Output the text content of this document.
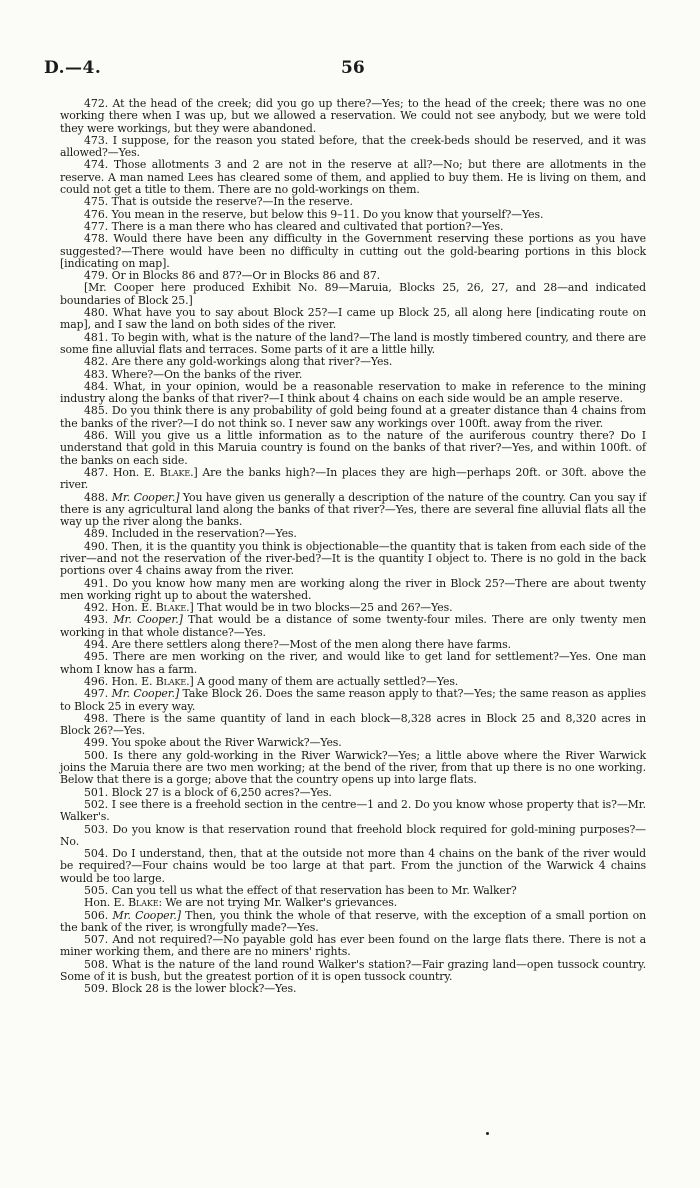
D.—4.	56

472. At the head of the creek; did you go up there?—Yes; to the head of the creek; there was no one working there when I was up, but we allowed a reservation. We could not see anybody, but we were told they were workings, but they were abandoned.

473. I suppose, for the reason you stated before, that the creek-beds should be reserved, and it was allowed?—Yes.

474. Those allotments 3 and 2 are not in the reserve at all?—No; but there are allotments in the reserve. A man named Lees has cleared some of them, and applied to buy them. He is living on them, and could not get a title to them. There are no gold-workings on them.

475. That is outside the reserve?—In the reserve.

476. You mean in the reserve, but below this 9–11. Do you know that yourself?—Yes.

477. There is a man there who has cleared and cultivated that portion?—Yes.

478. Would there have been any difficulty in the Government reserving these portions as you have suggested?—There would have been no difficulty in cutting out the gold-bearing portions in this block [indicating on map].

479. Or in Blocks 86 and 87?—Or in Blocks 86 and 87.

[Mr. Cooper here produced Exhibit No. 89—Maruia, Blocks 25, 26, 27, and 28—and indicated boundaries of Block 25.]

480. What have you to say about Block 25?—I came up Block 25, all along here [indicating route on map], and I saw the land on both sides of the river.

481. To begin with, what is the nature of the land?—The land is mostly timbered country, and there are some fine alluvial flats and terraces. Some parts of it are a little hilly.

482. Are there any gold-workings along that river?—Yes.

483. Where?—On the banks of the river.

484. What, in your opinion, would be a reasonable reservation to make in reference to the mining industry along the banks of that river?—I think about 4 chains on each side would be an ample reserve.

485. Do you think there is any probability of gold being found at a greater distance than 4 chains from the banks of the river?—I do not think so. I never saw any workings over 100ft. away from the river.

486. Will you give us a little information as to the nature of the auriferous country there? Do I understand that gold in this Maruia country is found on the banks of that river?—Yes, and within 100ft. of the banks on each side.

487. Hon. E. Blake.] Are the banks high?—In places they are high—perhaps 20ft. or 30ft. above the river.

488. Mr. Cooper.] You have given us generally a description of the nature of the country. Can you say if there is any agricultural land along the banks of that river?—Yes, there are several fine alluvial flats all the way up the river along the banks.

489. Included in the reservation?—Yes.

490. Then, it is the quantity you think is objectionable—the quantity that is taken from each side of the river—and not the reservation of the river-bed?—It is the quantity I object to. There is no gold in the back portions over 4 chains away from the river.

491. Do you know how many men are working along the river in Block 25?—There are about twenty men working right up to about the watershed.

492. Hon. E. Blake.] That would be in two blocks—25 and 26?—Yes.

493. Mr. Cooper.] That would be a distance of some twenty-four miles. There are only twenty men working in that whole distance?—Yes.

494. Are there settlers along there?—Most of the men along there have farms.

495. There are men working on the river, and would like to get land for settlement?—Yes. One man whom I know has a farm.

496. Hon. E. Blake.] A good many of them are actually settled?—Yes.

497. Mr. Cooper.] Take Block 26. Does the same reason apply to that?—Yes; the same reason as applies to Block 25 in every way.

498. There is the same quantity of land in each block—8,328 acres in Block 25 and 8,320 acres in Block 26?—Yes.

499. You spoke about the River Warwick?—Yes.

500. Is there any gold-working in the River Warwick?—Yes; a little above where the River Warwick joins the Maruia there are two men working; at the bend of the river, from that up there is no one working. Below that there is a gorge; above that the country opens up into large flats.

501. Block 27 is a block of 6,250 acres?—Yes.

502. I see there is a freehold section in the centre—1 and 2. Do you know whose property that is?—Mr. Walker's.

503. Do you know is that reservation round that freehold block required for gold-mining purposes?—No.

504. Do I understand, then, that at the outside not more than 4 chains on the bank of the river would be required?—Four chains would be too large at that part. From the junction of the Warwick 4 chains would be too large.

505. Can you tell us what the effect of that reservation has been to Mr. Walker?

Hon. E. Blake: We are not trying Mr. Walker's grievances.

506. Mr. Cooper.] Then, you think the whole of that reserve, with the exception of a small portion on the bank of the river, is wrongfully made?—Yes.

507. And not required?—No payable gold has ever been found on the large flats there. There is not a miner working them, and there are no miners' rights.

508. What is the nature of the land round Walker's station?—Fair grazing land—open tussock country. Some of it is bush, but the greatest portion of it is open tussock country.

509. Block 28 is the lower block?—Yes.
